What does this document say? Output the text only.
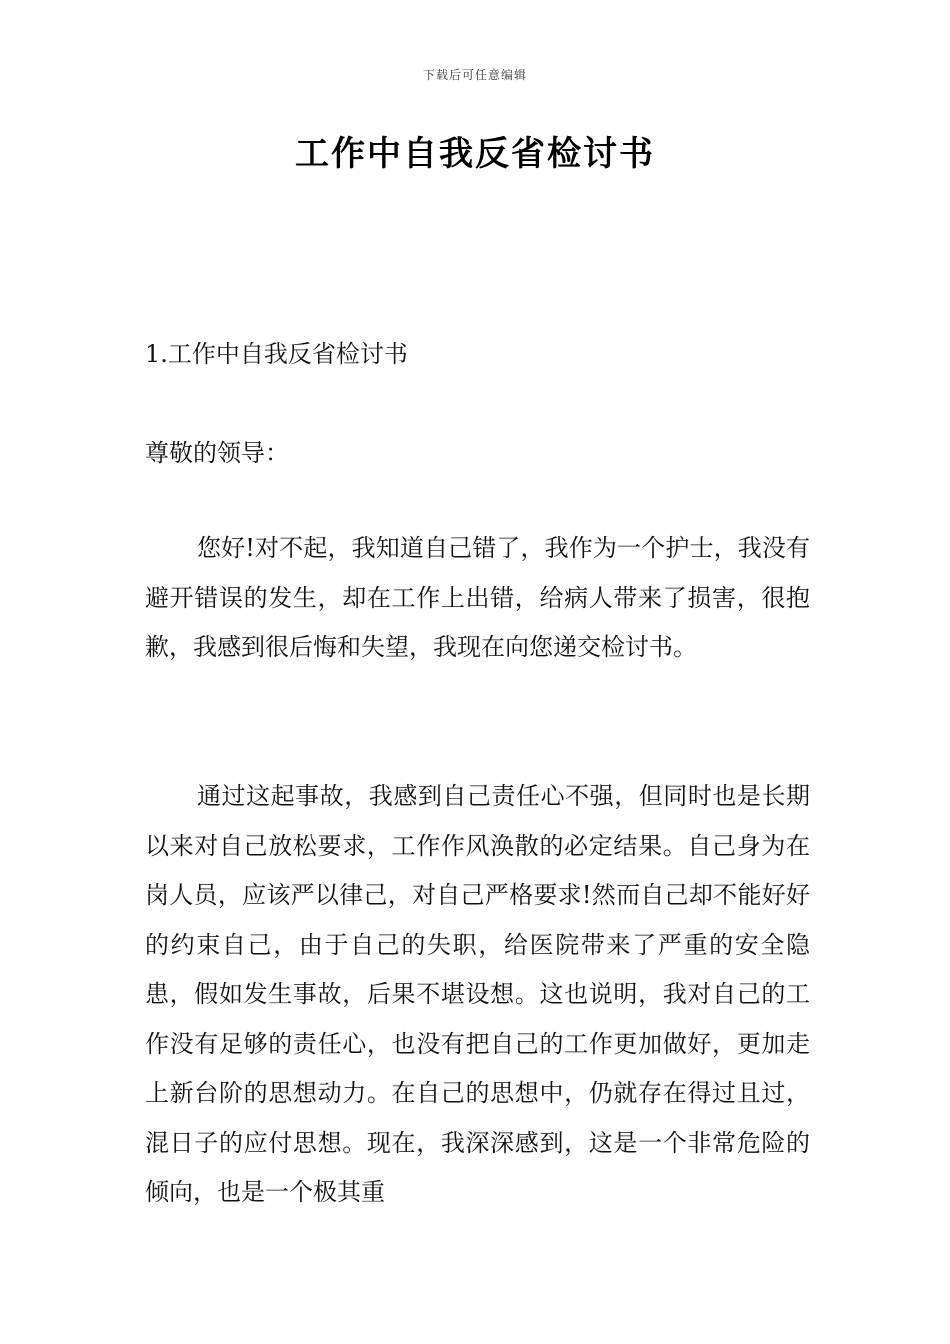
下载后可任意编辑
工作中自我反省检讨书
1.工作中自我反省检讨书

尊敬的领导：

您好!对不起，我知道自己错了，我作为一个护士，我没有避开错误的发生，却在工作上出错，给病人带来了损害，很抱歉，我感到很后悔和失望，我现在向您递交检讨书。

通过这起事故，我感到自己责任心不强，但同时也是长期以来对自己放松要求，工作作风涣散的必定结果。自己身为在岗人员，应该严以律己，对自己严格要求!然而自己却不能好好的约束自己，由于自己的失职，给医院带来了严重的安全隐患，假如发生事故，后果不堪设想。这也说明，我对自己的工作没有足够的责任心，也没有把自己的工作更加做好，更加走上新台阶的思想动力。在自己的思想中，仍就存在得过且过，混日子的应付思想。现在，我深深感到，这是一个非常危险的倾向，也是一个极其重
